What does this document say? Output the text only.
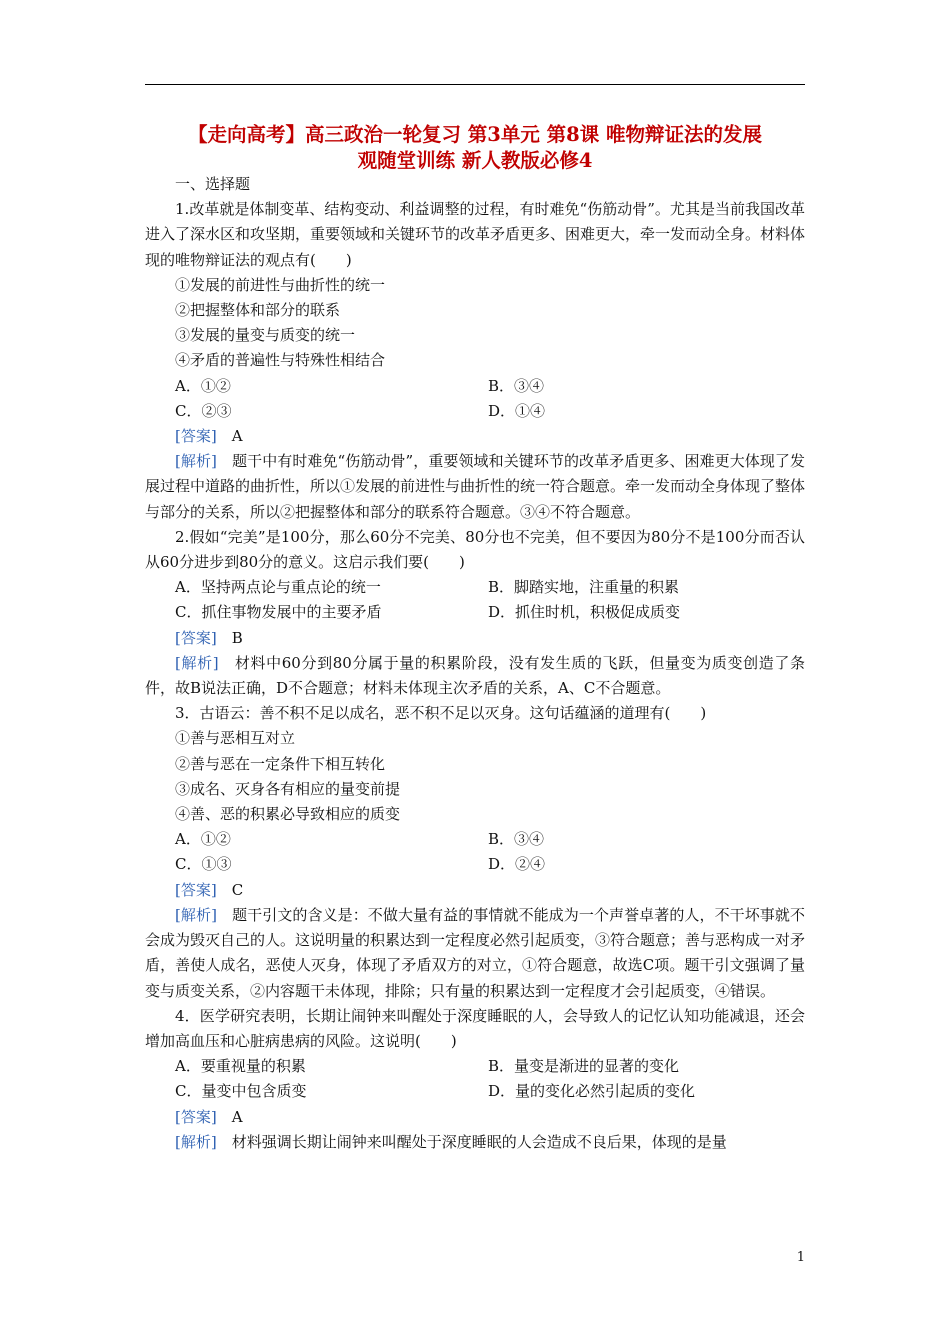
【走向高考】高三政治一轮复习 第3单元 第8课 唯物辩证法的发展
观随堂训练 新人教版必修4

一、选择题

1.改革就是体制变革、结构变动、利益调整的过程，有时难免“伤筋动骨”。尤其是当前我国改革进入了深水区和攻坚期，重要领域和关键环节的改革矛盾更多、困难更大，牵一发而动全身。材料体现的唯物辩证法的观点有(　　)

①发展的前进性与曲折性的统一

②把握整体和部分的联系

③发展的量变与质变的统一

④矛盾的普遍性与特殊性相结合

A．①②	B．③④
C．②③	D．①④

[答案]　 A

[解析]　 题干中有时难免“伤筋动骨”，重要领域和关键环节的改革矛盾更多、困难更大体现了发展过程中道路的曲折性，所以①发展的前进性与曲折性的统一符合题意。牵一发而动全身体现了整体与部分的关系，所以②把握整体和部分的联系符合题意。③④不符合题意。

2.假如“完美”是100分，那么60分不完美、80分也不完美，但不要因为80分不是100分而否认从60分进步到80分的意义。这启示我们要(　　)

A．坚持两点论与重点论的统一	B．脚踏实地，注重量的积累
C．抓住事物发展中的主要矛盾	D．抓住时机，积极促成质变

[答案]　 B

[解析]　 材料中60分到80分属于量的积累阶段，没有发生质的飞跃，但量变为质变创造了条件，故B说法正确，D不合题意；材料未体现主次矛盾的关系，A、C不合题意。

3．古语云：善不积不足以成名，恶不积不足以灭身。这句话蕴涵的道理有(　　)

①善与恶相互对立

②善与恶在一定条件下相互转化

③成名、灭身各有相应的量变前提

④善、恶的积累必导致相应的质变

A．①②	B．③④
C．①③	D．②④

[答案]　 C

[解析]　 题干引文的含义是：不做大量有益的事情就不能成为一个声誉卓著的人，不干坏事就不会成为毁灭自己的人。这说明量的积累达到一定程度必然引起质变，③符合题意；善与恶构成一对矛盾，善使人成名，恶使人灭身，体现了矛盾双方的对立，①符合题意，故选C项。题干引文强调了量变与质变关系，②内容题干未体现，排除；只有量的积累达到一定程度才会引起质变，④错误。

4．医学研究表明，长期让闹钟来叫醒处于深度睡眠的人，会导致人的记忆认知功能减退，还会增加高血压和心脏病患病的风险。这说明(　　)

A．要重视量的积累	B．量变是渐进的显著的变化
C．量变中包含质变	D．量的变化必然引起质的变化

[答案]　 A

[解析]　 材料强调长期让闹钟来叫醒处于深度睡眠的人会造成不良后果，体现的是量

1
